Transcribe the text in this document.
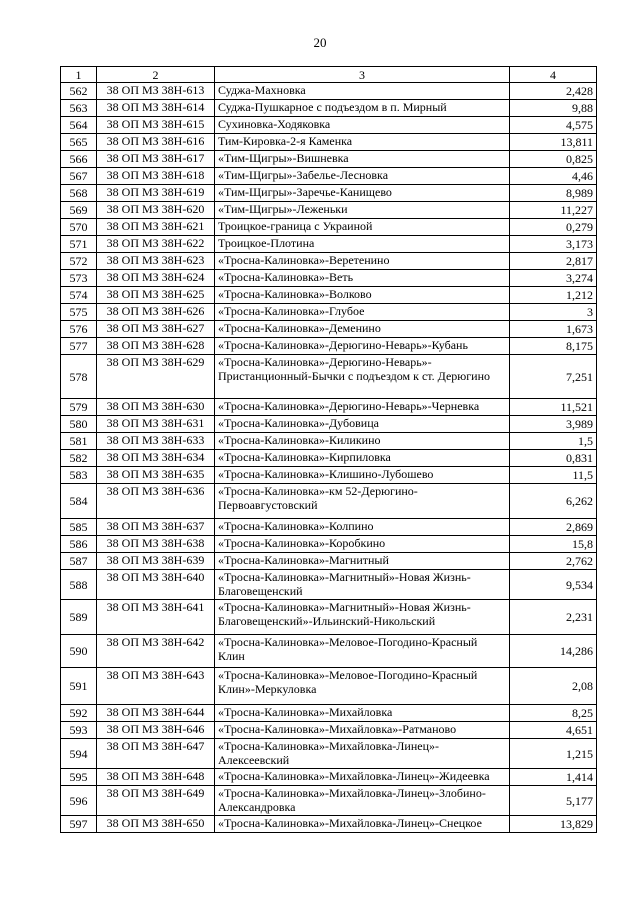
20
1	2	3	4
562	38 ОП МЗ 38Н-613	Суджа-Махновка	2,428
563	38 ОП МЗ 38Н-614	Суджа-Пушкарное с подъездом в п. Мирный	9,88
564	38 ОП МЗ 38Н-615	Сухиновка-Ходяковка	4,575
565	38 ОП МЗ 38Н-616	Тим-Кировка-2-я Каменка	13,811
566	38 ОП МЗ 38Н-617	«Тим-Щигры»-Вишневка	0,825
567	38 ОП МЗ 38Н-618	«Тим-Щигры»-Забелье-Лесновка	4,46
568	38 ОП МЗ 38Н-619	«Тим-Щигры»-Заречье-Канищево	8,989
569	38 ОП МЗ 38Н-620	«Тим-Щигры»-Леженьки	11,227
570	38 ОП МЗ 38Н-621	Троицкое-граница с Украиной	0,279
571	38 ОП МЗ 38Н-622	Троицкое-Плотина	3,173
572	38 ОП МЗ 38Н-623	«Тросна-Калиновка»-Веретенино	2,817
573	38 ОП МЗ 38Н-624	«Тросна-Калиновка»-Веть	3,274
574	38 ОП МЗ 38Н-625	«Тросна-Калиновка»-Волково	1,212
575	38 ОП МЗ 38Н-626	«Тросна-Калиновка»-Глубое	3
576	38 ОП МЗ 38Н-627	«Тросна-Калиновка»-Деменино	1,673
577	38 ОП МЗ 38Н-628	«Тросна-Калиновка»-Дерюгино-Неварь»-Кубань	8,175
578	38 ОП МЗ 38Н-629	«Тросна-Калиновка»-Дерюгино-Неварь»-Пристанционный-Бычки с подъездом к ст. Дерюгино	7,251
579	38 ОП МЗ 38Н-630	«Тросна-Калиновка»-Дерюгино-Неварь»-Черневка	11,521
580	38 ОП МЗ 38Н-631	«Тросна-Калиновка»-Дубовица	3,989
581	38 ОП МЗ 38Н-633	«Тросна-Калиновка»-Киликино	1,5
582	38 ОП МЗ 38Н-634	«Тросна-Калиновка»-Кирпиловка	0,831
583	38 ОП МЗ 38Н-635	«Тросна-Калиновка»-Клишино-Лубошево	11,5
584	38 ОП МЗ 38Н-636	«Тросна-Калиновка»-км 52-Дерюгино-Первоавгустовский	6,262
585	38 ОП МЗ 38Н-637	«Тросна-Калиновка»-Колпино	2,869
586	38 ОП МЗ 38Н-638	«Тросна-Калиновка»-Коробкино	15,8
587	38 ОП МЗ 38Н-639	«Тросна-Калиновка»-Магнитный	2,762
588	38 ОП МЗ 38Н-640	«Тросна-Калиновка»-Магнитный»-Новая Жизнь-Благовещенский	9,534
589	38 ОП МЗ 38Н-641	«Тросна-Калиновка»-Магнитный»-Новая Жизнь-Благовещенский»-Ильинский-Никольский	2,231
590	38 ОП МЗ 38Н-642	«Тросна-Калиновка»-Меловое-Погодино-Красный Клин	14,286
591	38 ОП МЗ 38Н-643	«Тросна-Калиновка»-Меловое-Погодино-Красный Клин»-Меркуловка	2,08
592	38 ОП МЗ 38Н-644	«Тросна-Калиновка»-Михайловка	8,25
593	38 ОП МЗ 38Н-646	«Тросна-Калиновка»-Михайловка»-Ратманово	4,651
594	38 ОП МЗ 38Н-647	«Тросна-Калиновка»-Михайловка-Линец»-Алексеевский	1,215
595	38 ОП МЗ 38Н-648	«Тросна-Калиновка»-Михайловка-Линец»-Жидеевка	1,414
596	38 ОП МЗ 38Н-649	«Тросна-Калиновка»-Михайловка-Линец»-Злобино-Александровка	5,177
597	38 ОП МЗ 38Н-650	«Тросна-Калиновка»-Михайловка-Линец»-Снецкое	13,829
